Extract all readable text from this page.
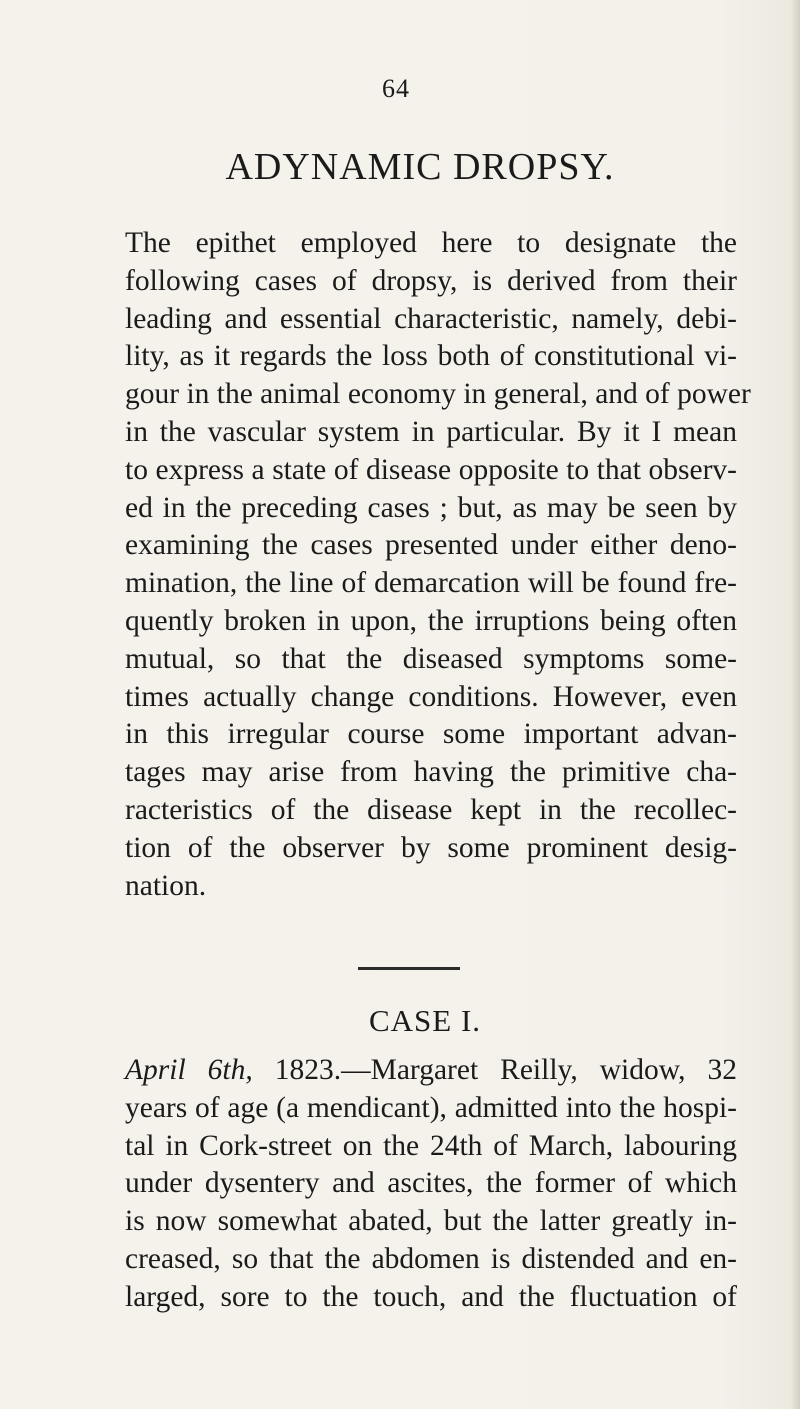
64
ADYNAMIC DROPSY.

The epithet employed here to designate the
following cases of dropsy, is derived from their
leading and essential characteristic, namely, debi-
lity, as it regards the loss both of constitutional vi-
gour in the animal economy in general, and of power
in the vascular system in particular. By it I mean
to express a state of disease opposite to that observ-
ed in the preceding cases ; but, as may be seen by
examining the cases presented under either deno-
mination, the line of demarcation will be found fre-
quently broken in upon, the irruptions being often
mutual, so that the diseased symptoms some-
times actually change conditions. However, even
in this irregular course some important advan-
tages may arise from having the primitive cha-
racteristics of the disease kept in the recollec-
tion of the observer by some prominent desig-
nation.

CASE I.

April 6th, 1823.—Margaret Reilly, widow, 32
years of age (a mendicant), admitted into the hospi-
tal in Cork-street on the 24th of March, labouring
under dysentery and ascites, the former of which
is now somewhat abated, but the latter greatly in-
creased, so that the abdomen is distended and en-
larged, sore to the touch, and the fluctuation of
